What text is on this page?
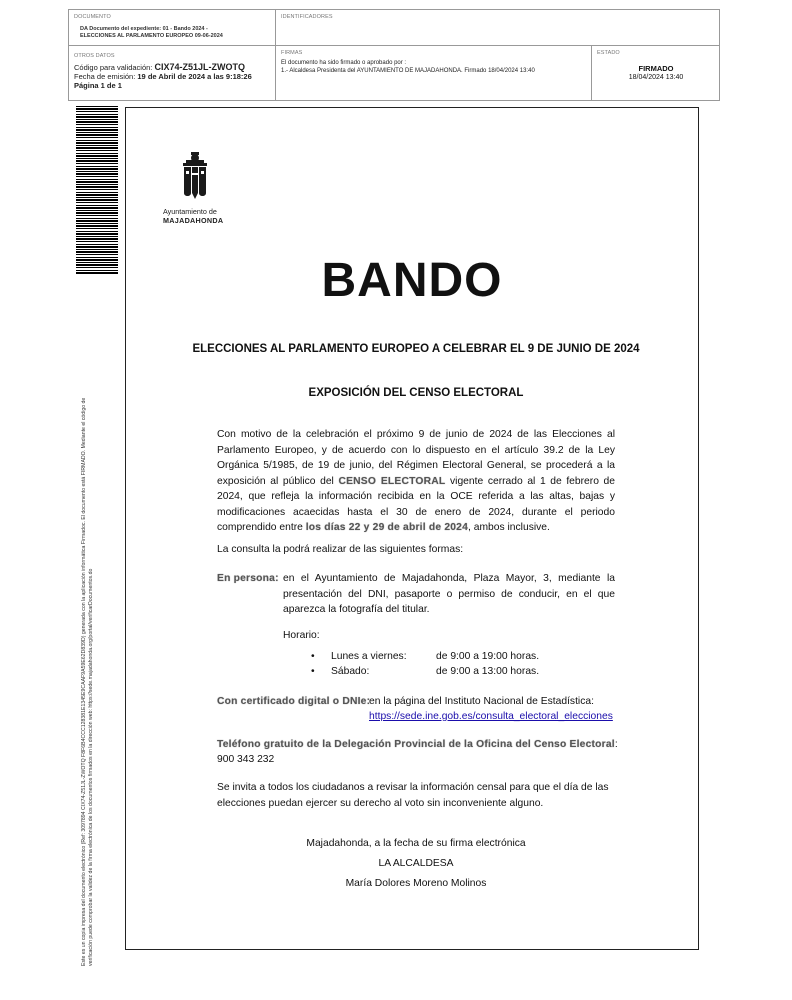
DOCUMENTO
DA Documento del expediente: 01 - Bando 2024 - ELECCIONES AL PARLAMENTO EUROPEO 09-06-2024
IDENTIFICADORES
OTROS DATOS
Código para validación: CIX74-Z51JL-ZWOTQ
Fecha de emisión: 19 de Abril de 2024 a las 9:18:26
Página 1 de 1
FIRMAS
El documento ha sido firmado o aprobado por :
1.- Alcaldesa Presidenta del AYUNTAMIENTO DE MAJADAHONDA. Firmado 18/04/2024 13:40
ESTADO
FIRMADO
18/04/2024 13:40
Este es un copia impresa del documento electrónico (Ref: 3097894 CIX74-Z51JL-ZWOTQ F8F6B4CCC128381E1345E9CAAF9A59E62D839D) generada con la aplicación informática Firmadoc. El documento está FIRMADO. Mediante el código de verificación puede comprobar la validez de la firma electrónica de los documentos firmados en la dirección web: https://sede.majadahonda.org/portal/verificarDocumentos.do
Ayuntamiento de
MAJADAHONDA
BANDO
ELECCIONES AL PARLAMENTO EUROPEO A CELEBRAR EL 9 DE JUNIO DE 2024
EXPOSICIÓN DEL CENSO ELECTORAL
Con motivo de la celebración el próximo 9 de junio de 2024 de las Elecciones al Parlamento Europeo, y de acuerdo con lo dispuesto en el artículo 39.2 de la Ley Orgánica 5/1985, de 19 de junio, del Régimen Electoral General, se procederá a la exposición al público del CENSO ELECTORAL vigente cerrado al 1 de febrero de 2024, que refleja la información recibida en la OCE referida a las altas, bajas y modificaciones acaecidas hasta el 30 de enero de 2024, durante el periodo comprendido entre los días 22 y 29 de abril de 2024, ambos inclusive.
La consulta la podrá realizar de las siguientes formas:
En persona: en el Ayuntamiento de Majadahonda, Plaza Mayor, 3, mediante la presentación del DNI, pasaporte o permiso de conducir, en el que aparezca la fotografía del titular.
Horario:
• Lunes a viernes:	de 9:00 a 19:00 horas.
• Sábado:	de 9:00 a 13:00 horas.
Con certificado digital o DNIe:
en la página del Instituto Nacional de Estadística:
https://sede.ine.gob.es/consulta_electoral_elecciones
Teléfono gratuito de la Delegación Provincial de la Oficina del Censo Electoral:
900 343 232
Se invita a todos los ciudadanos a revisar la información censal para que el día de las elecciones puedan ejercer su derecho al voto sin inconveniente alguno.
Majadahonda, a la fecha de su firma electrónica
LA ALCALDESA
María Dolores Moreno Molinos
